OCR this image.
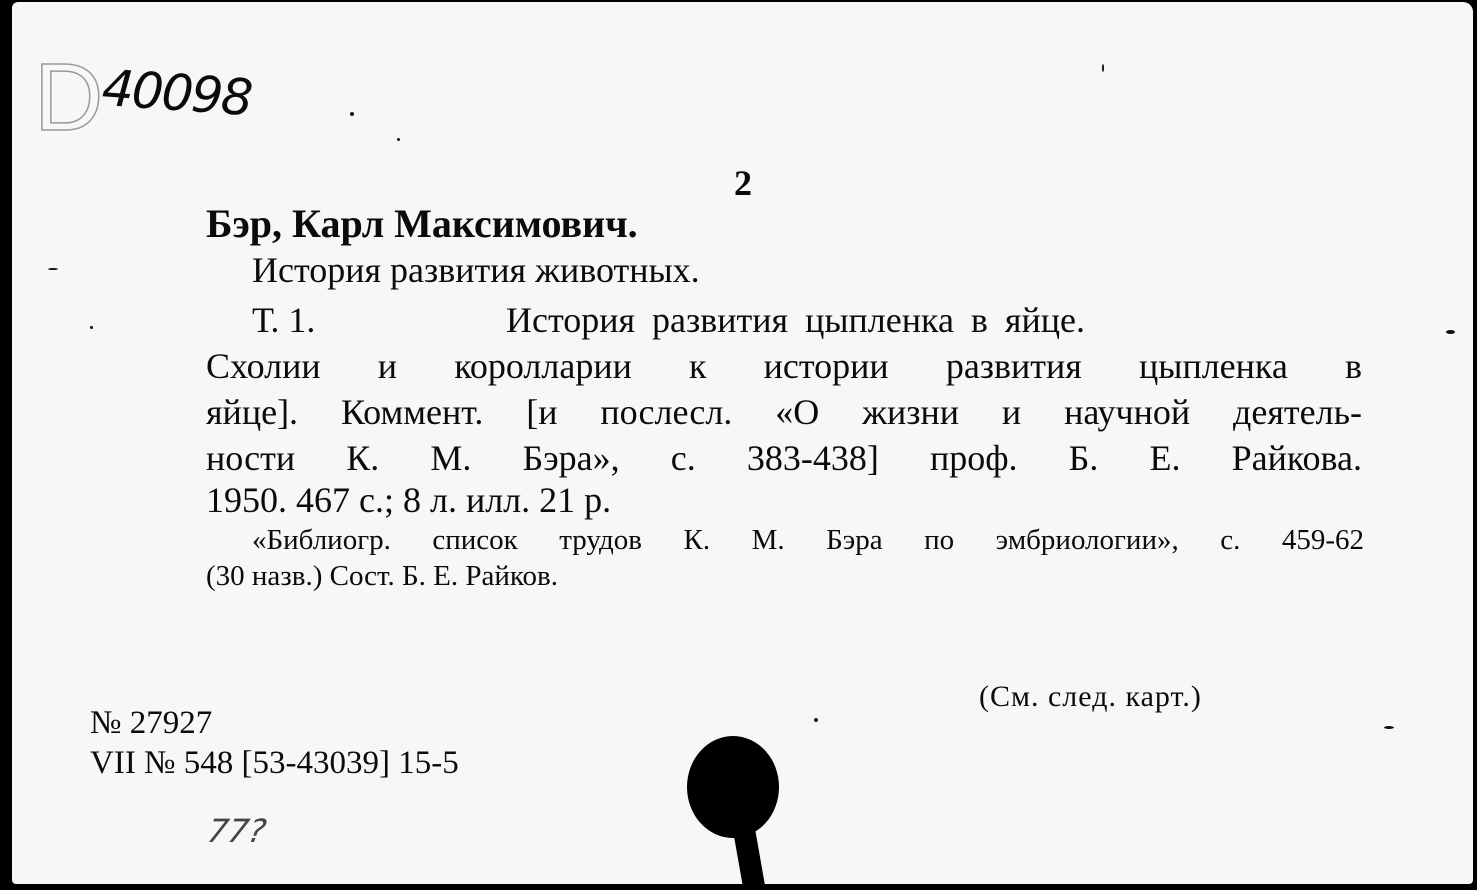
D
40098
2
Бэр, Карл Максимович.
История развития животных.
Т. 1.	История развития цыпленка в яйце.
Схолии и королларии к истории развития цыпленка в
яйце]. Коммент. [и послесл. «О жизни и научной деятель-
ности К. М. Бэра», с. 383-438] проф. Б. Е. Райкова.
1950. 467 с.; 8 л. илл. 21 р.
«Библиогр. список трудов К. М. Бэра по эмбриологии», с. 459-62
(30 назв.) Сост. Б. Е. Райков.
(См. след. карт.)
№ 27927
VII № 548 [53-43039] 15-5
77?
